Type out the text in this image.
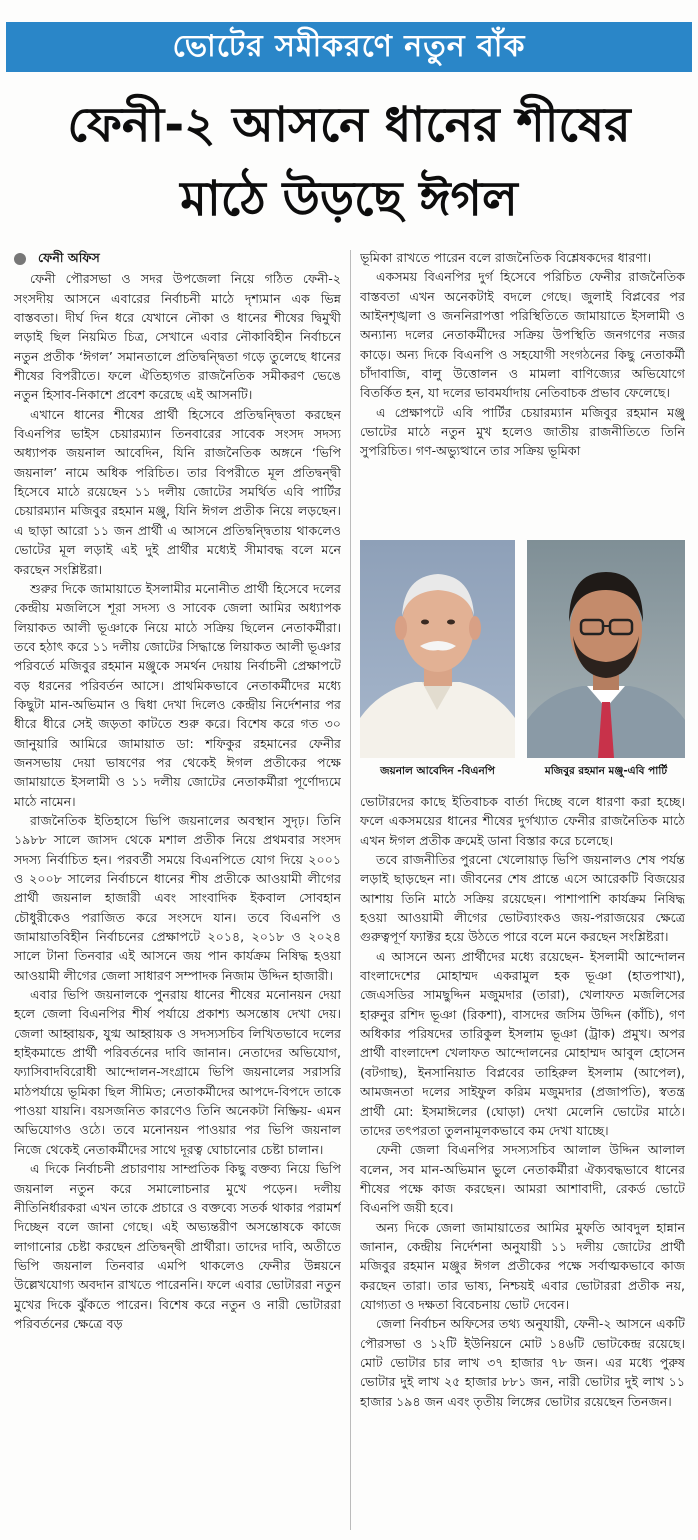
ভোটের সমীকরণে নতুন বাঁক
ফেনী-২ আসনে ধানের শীষের
মাঠে উড়ছে ঈগল
ফেনী অফিস

ফেনী পৌরসভা ও সদর উপজেলা নিয়ে গঠিত ফেনী-২ সংসদীয় আসনে এবারের নির্বাচনী মাঠে দৃশ্যমান এক ভিন্ন বাস্তবতা। দীর্ঘ দিন ধরে যেখানে নৌকা ও ধানের শীষের দ্বিমুখী লড়াই ছিল নিয়মিত চিত্র, সেখানে এবার নৌকাবিহীন নির্বাচনে নতুন প্রতীক ‘ঈগল’ সমানতালে প্রতিদ্বন্দ্বিতা গড়ে তুলেছে ধানের শীষের বিপরীতে। ফলে ঐতিহ্যগত রাজনৈতিক সমীকরণ ভেঙে নতুন হিসাব-নিকাশে প্রবেশ করেছে এই আসনটি।

এখানে ধানের শীষের প্রার্থী হিসেবে প্রতিদ্বন্দ্বিতা করছেন বিএনপির ভাইস চেয়ারম্যান তিনবারের সাবেক সংসদ সদস্য অধ্যাপক জয়নাল আবেদিন, যিনি রাজনৈতিক অঙ্গনে ‘ভিপি জয়নাল’ নামে অধিক পরিচিত। তার বিপরীতে মূল প্রতিদ্বন্দ্বী হিসেবে মাঠে রয়েছেন ১১ দলীয় জোটের সমর্থিত এবি পার্টির চেয়ারম্যান মজিবুর রহমান মঞ্জু, যিনি ঈগল প্রতীক নিয়ে লড়ছেন। এ ছাড়া আরো ১১ জন প্রার্থী এ আসনে প্রতিদ্বন্দ্বিতায় থাকলেও ভোটের মূল লড়াই এই দুই প্রার্থীর মধ্যেই সীমাবদ্ধ বলে মনে করছেন সংশ্লিষ্টরা।

শুরুর দিকে জামায়াতে ইসলামীর মনোনীত প্রার্থী হিসেবে দলের কেন্দ্রীয় মজলিসে শূরা সদস্য ও সাবেক জেলা আমির অধ্যাপক লিয়াকত আলী ভূঞাকে নিয়ে মাঠে সক্রিয় ছিলেন নেতাকর্মীরা। তবে হঠাৎ করে ১১ দলীয় জোটের সিদ্ধান্তে লিয়াকত আলী ভূঞার পরিবর্তে মজিবুর রহমান মঞ্জুকে সমর্থন দেয়ায় নির্বাচনী প্রেক্ষাপটে বড় ধরনের পরিবর্তন আসে। প্রাথমিকভাবে নেতাকর্মীদের মধ্যে কিছুটা মান-অভিমান ও দ্বিধা দেখা দিলেও কেন্দ্রীয় নির্দেশনার পর ধীরে ধীরে সেই জড়তা কাটতে শুরু করে। বিশেষ করে গত ৩০ জানুয়ারি আমিরে জামায়াত ডা: শফিকুর রহমানের ফেনীর জনসভায় দেয়া ভাষণের পর থেকেই ঈগল প্রতীকের পক্ষে জামায়াতে ইসলামী ও ১১ দলীয় জোটের নেতাকর্মীরা পূর্ণোদ্যমে মাঠে নামেন।

রাজনৈতিক ইতিহাসে ভিপি জয়নালের অবস্থান সুদৃঢ়। তিনি ১৯৮৮ সালে জাসদ থেকে মশাল প্রতীক নিয়ে প্রথমবার সংসদ সদস্য নির্বাচিত হন। পরবর্তী সময়ে বিএনপিতে যোগ দিয়ে ২০০১ ও ২০০৮ সালের নির্বাচনে ধানের শীষ প্রতীকে আওয়ামী লীগের প্রার্থী জয়নাল হাজারী এবং সাংবাদিক ইকবাল সোবহান চৌধুরীকেও পরাজিত করে সংসদে যান। তবে বিএনপি ও জামায়াতবিহীন নির্বাচনের প্রেক্ষাপটে ২০১৪, ২০১৮ ও ২০২৪ সালে টানা তিনবার এই আসনে জয় পান কার্যক্রম নিষিদ্ধ হওয়া আওয়ামী লীগের জেলা সাধারণ সম্পাদক নিজাম উদ্দিন হাজারী।

এবার ভিপি জয়নালকে পুনরায় ধানের শীষের মনোনয়ন দেয়া হলে জেলা বিএনপির শীর্ষ পর্যায়ে প্রকাশ্য অসন্তোষ দেখা দেয়। জেলা আহ্বায়ক, যুগ্ম আহ্বায়ক ও সদস্যসচিব লিখিতভাবে দলের হাইকমান্ডে প্রার্থী পরিবর্তনের দাবি জানান। নেতাদের অভিযোগ, ফ্যাসিবাদবিরোধী আন্দোলন-সংগ্রামে ভিপি জয়নালের সরাসরি মাঠপর্যায়ে ভূমিকা ছিল সীমিত; নেতাকর্মীদের আপদে-বিপদে তাকে পাওয়া যায়নি। বয়সজনিত কারণেও তিনি অনেকটা নিষ্ক্রিয়- এমন অভিযোগও ওঠে। তবে মনোনয়ন পাওয়ার পর ভিপি জয়নাল নিজে থেকেই নেতাকর্মীদের সাথে দূরত্ব ঘোচানোর চেষ্টা চালান।

এ দিকে নির্বাচনী প্রচারণায় সাম্প্রতিক কিছু বক্তব্য নিয়ে ভিপি জয়নাল নতুন করে সমালোচনার মুখে পড়েন। দলীয় নীতিনির্ধারকরা এখন তাকে প্রচারে ও বক্তব্যে সতর্ক থাকার পরামর্শ দিচ্ছেন বলে জানা গেছে। এই অভ্যন্তরীণ অসন্তোষকে কাজে লাগানোর চেষ্টা করছেন প্রতিদ্বন্দ্বী প্রার্থীরা। তাদের দাবি, অতীতে ভিপি জয়নাল তিনবার এমপি থাকলেও ফেনীর উন্নয়নে উল্লেখযোগ্য অবদান রাখতে পারেননি। ফলে এবার ভোটাররা নতুন মুখের দিকে ঝুঁকতে পারেন। বিশেষ করে নতুন ও নারী ভোটাররা পরিবর্তনের ক্ষেত্রে বড়

ভূমিকা রাখতে পারেন বলে রাজনৈতিক বিশ্লেষকদের ধারণা।

একসময় বিএনপির দুর্গ হিসেবে পরিচিত ফেনীর রাজনৈতিক বাস্তবতা এখন অনেকটাই বদলে গেছে। জুলাই বিপ্লবের পর আইনশৃঙ্খলা ও জননিরাপত্তা পরিস্থিতিতে জামায়াতে ইসলামী ও অন্যান্য দলের নেতাকর্মীদের সক্রিয় উপস্থিতি জনগণের নজর কাড়ে। অন্য দিকে বিএনপি ও সহযোগী সংগঠনের কিছু নেতাকর্মী চাঁদাবাজি, বালু উত্তোলন ও মামলা বাণিজ্যের অভিযোগে বিতর্কিত হন, যা দলের ভাবমর্যাদায় নেতিবাচক প্রভাব ফেলেছে।

এ প্রেক্ষাপটে এবি পার্টির চেয়ারম্যান মজিবুর রহমান মঞ্জু ভোটের মাঠে নতুন মুখ হলেও জাতীয় রাজনীতিতে তিনি সুপরিচিত। গণ-অভ্যুত্থানে তার সক্রিয় ভূমিকা

জয়নাল আবেদিন -বিএনপি	মজিবুর রহমান মঞ্জু-এবি পার্টি

ভোটারদের কাছে ইতিবাচক বার্তা দিচ্ছে বলে ধারণা করা হচ্ছে। ফলে একসময়ের ধানের শীষের দুর্গখ্যাত ফেনীর রাজনৈতিক মাঠে এখন ঈগল প্রতীক ক্রমেই ডানা বিস্তার করে চলেছে।

তবে রাজনীতির পুরনো খেলোয়াড় ভিপি জয়নালও শেষ পর্যন্ত লড়াই ছাড়ছেন না। জীবনের শেষ প্রান্তে এসে আরেকটি বিজয়ের আশায় তিনি মাঠে সক্রিয় রয়েছেন। পাশাপাশি কার্যক্রম নিষিদ্ধ হওয়া আওয়ামী লীগের ভোটব্যাংকও জয়-পরাজয়ের ক্ষেত্রে গুরুত্বপূর্ণ ফ্যাক্টর হয়ে উঠতে পারে বলে মনে করছেন সংশ্লিষ্টরা।

এ আসনে অন্য প্রার্থীদের মধ্যে রয়েছেন- ইসলামী আন্দোলন বাংলাদেশের মোহাম্মদ একরামুল হক ভূঞা (হাতপাখা), জেএসডির সামছুদ্দিন মজুমদার (তারা), খেলাফত মজলিসের হারুনুর রশিদ ভূঞা (রিকশা), বাসদের জসিম উদ্দিন (কাঁচি), গণ অধিকার পরিষদের তারিকুল ইসলাম ভূঞা (ট্রাক) প্রমুখ। অপর প্রার্থী বাংলাদেশ খেলাফত আন্দোলনের মোহাম্মদ আবুল হোসেন (বটগাছ), ইনসানিয়াত বিপ্লবের তাহিরুল ইসলাম (আপেল), আমজনতা দলের সাইফুল করিম মজুমদার (প্রজাপতি), স্বতন্ত্র প্রার্থী মো: ইসমাঈলের (ঘোড়া) দেখা মেলেনি ভোটের মাঠে। তাদের তৎপরতা তুলনামূলকভাবে কম দেখা যাচ্ছে।

ফেনী জেলা বিএনপির সদস্যসচিব আলাল উদ্দিন আলাল বলেন, সব মান-অভিমান ভুলে নেতাকর্মীরা ঐক্যবদ্ধভাবে ধানের শীষের পক্ষে কাজ করছেন। আমরা আশাবাদী, রেকর্ড ভোটে বিএনপি জয়ী হবে।

অন্য দিকে জেলা জামায়াতের আমির মুফতি আবদুল হান্নান জানান, কেন্দ্রীয় নির্দেশনা অনুযায়ী ১১ দলীয় জোটের প্রার্থী মজিবুর রহমান মঞ্জুর ঈগল প্রতীকের পক্ষে সর্বাত্মকভাবে কাজ করছেন তারা। তার ভাষ্য, নিশ্চয়ই এবার ভোটাররা প্রতীক নয়, যোগ্যতা ও দক্ষতা বিবেচনায় ভোট দেবেন।

জেলা নির্বাচন অফিসের তথ্য অনুযায়ী, ফেনী-২ আসনে একটি পৌরসভা ও ১২টি ইউনিয়নে মোট ১৪৬টি ভোটকেন্দ্র রয়েছে। মোট ভোটার চার লাখ ৩৭ হাজার ৭৮ জন। এর মধ্যে পুরুষ ভোটার দুই লাখ ২৫ হাজার ৮৮১ জন, নারী ভোটার দুই লাখ ১১ হাজার ১৯৪ জন এবং তৃতীয় লিঙ্গের ভোটার রয়েছেন তিনজন।
